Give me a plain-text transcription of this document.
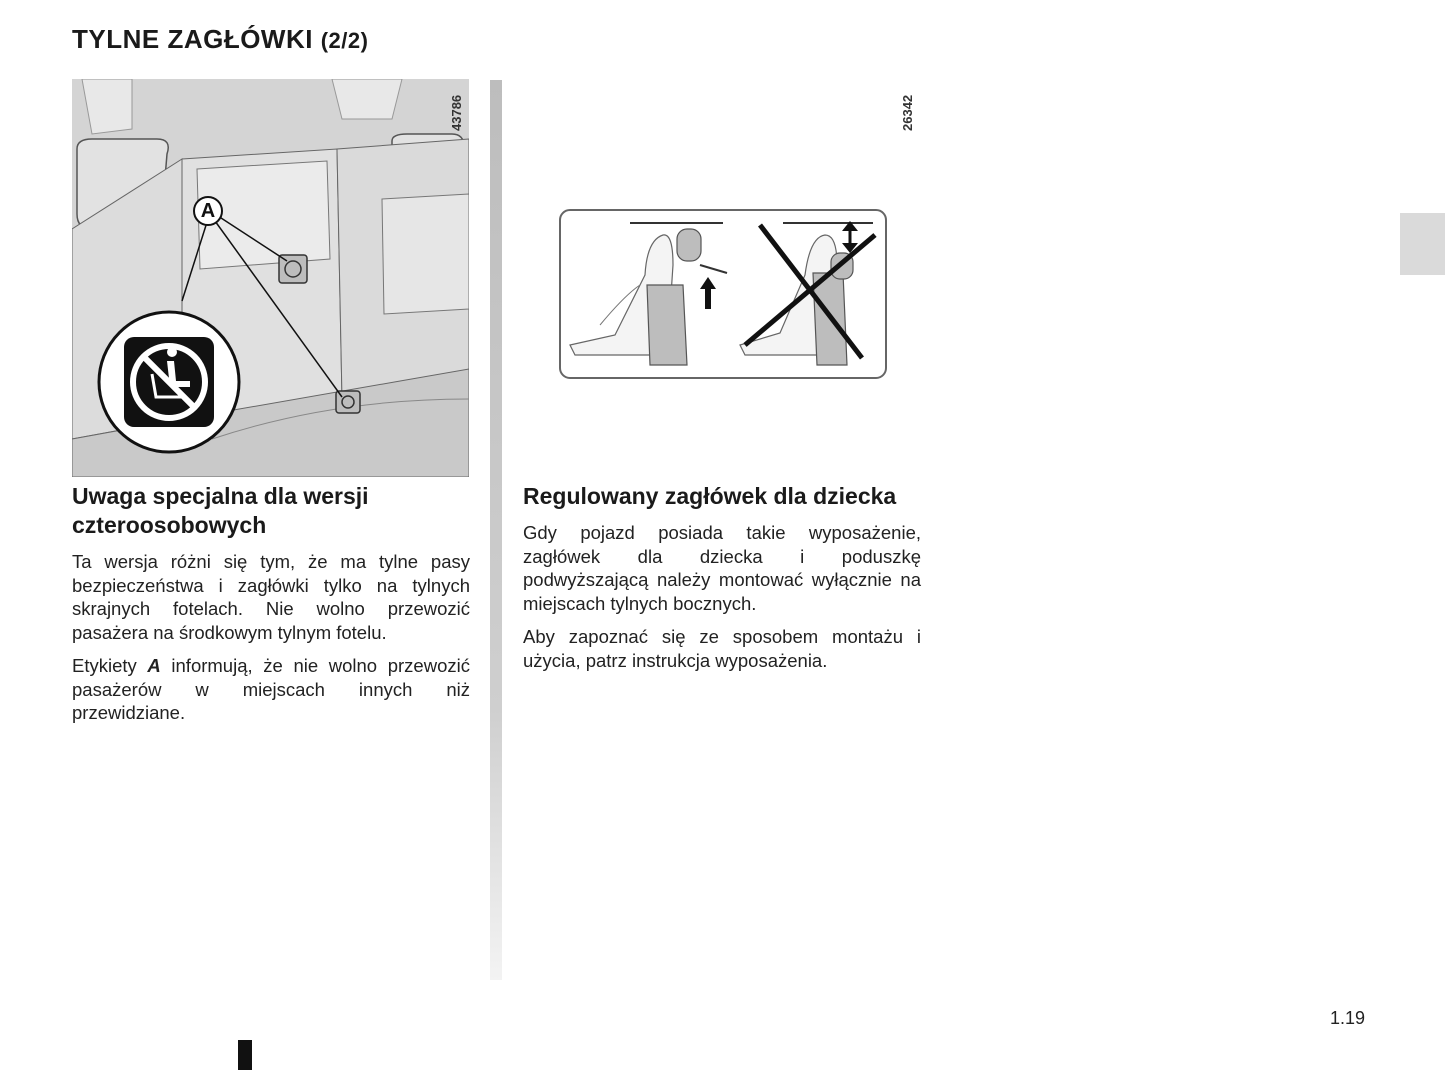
TYLNE ZAGŁÓWKI (2/2)
A
43786	26342
Uwaga specjalna dla wersji czteroosobowych

Ta wersja różni się tym, że ma tylne pasy bezpieczeństwa i zagłówki tylko na tylnych skrajnych fotelach. Nie wolno przewozić pasażera na środkowym tylnym fotelu.

Etykiety A informują, że nie wolno przewozić pasażerów w miejscach innych niż przewidziane.

Regulowany zagłówek dla dziecka

Gdy pojazd posiada takie wyposażenie, zagłówek dla dziecka i poduszkę podwyższającą należy montować wyłącznie na miejscach tylnych bocznych.

Aby zapoznać się ze sposobem montażu i użycia, patrz instrukcja wyposażenia.

1.19
